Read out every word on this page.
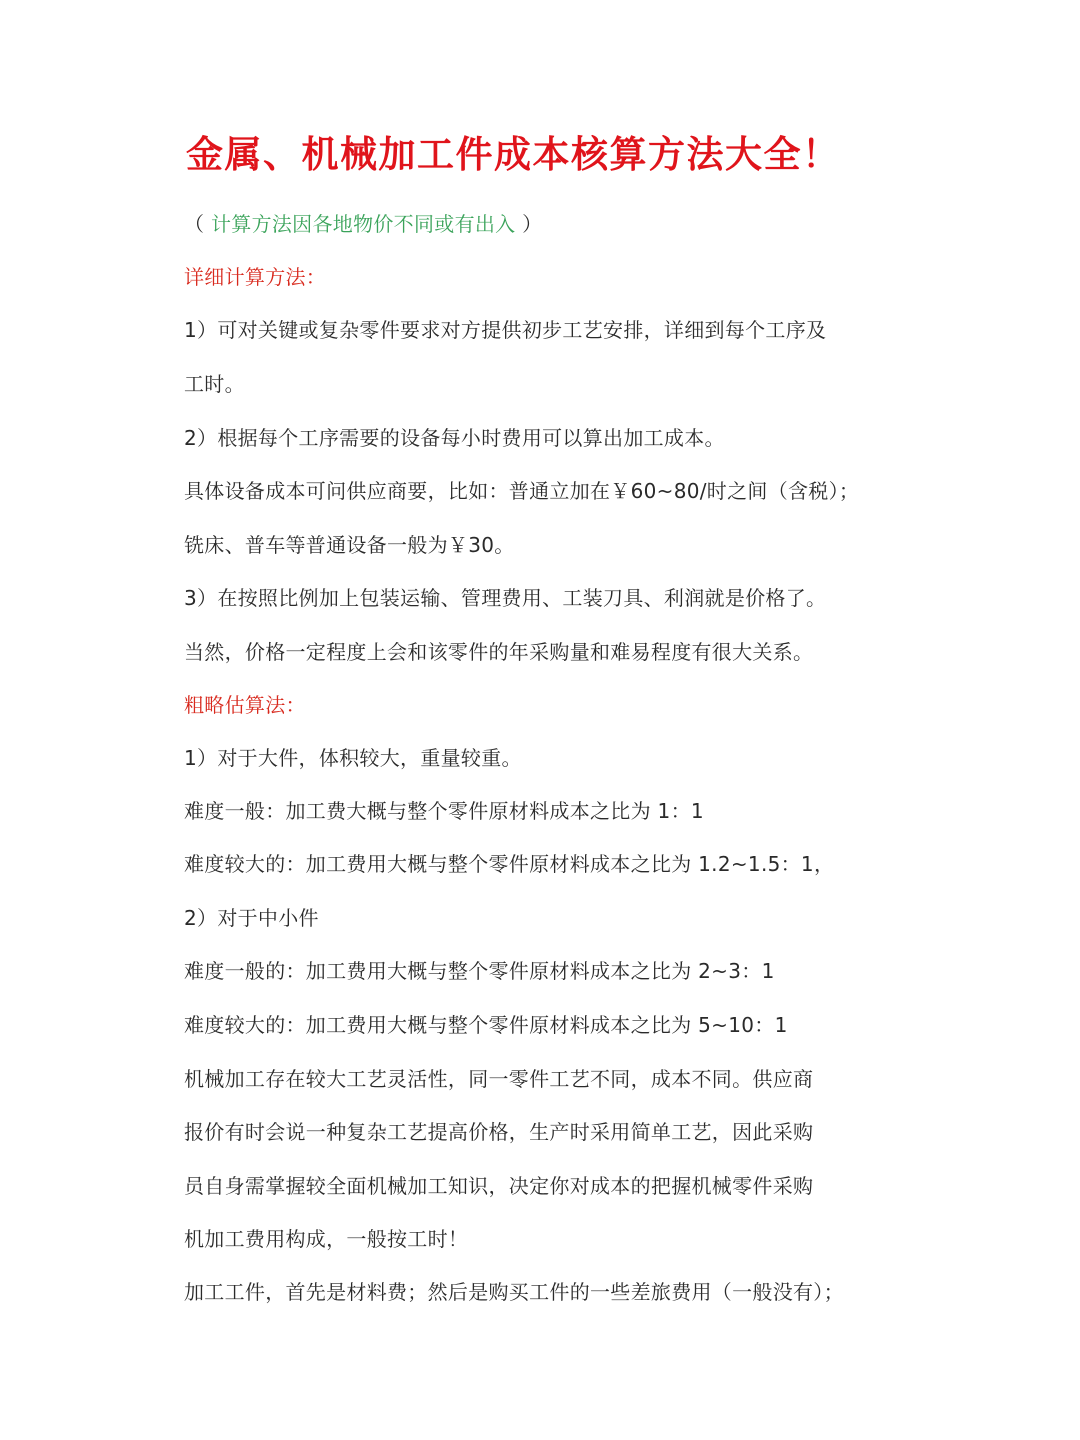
金属、机械加工件成本核算方法大全！
（ 计算方法因各地物价不同或有出入 ）
详细计算方法：
1）可对关键或复杂零件要求对方提供初步工艺安排，详细到每个工序及
工时。
2）根据每个工序需要的设备每小时费用可以算出加工成本。
具体设备成本可问供应商要，比如：普通立加在￥60~80/时之间（含税）；
铣床、普车等普通设备一般为￥30。
3）在按照比例加上包装运输、管理费用、工装刀具、利润就是价格了。
当然，价格一定程度上会和该零件的年采购量和难易程度有很大关系。
粗略估算法：
1）对于大件，体积较大，重量较重。
难度一般：加工费大概与整个零件原材料成本之比为 1：1
难度较大的：加工费用大概与整个零件原材料成本之比为 1.2~1.5：1，
2）对于中小件
难度一般的：加工费用大概与整个零件原材料成本之比为 2~3：1
难度较大的：加工费用大概与整个零件原材料成本之比为 5~10：1
机械加工存在较大工艺灵活性，同一零件工艺不同，成本不同。供应商
报价有时会说一种复杂工艺提高价格，生产时采用简单工艺，因此采购
员自身需掌握较全面机械加工知识，决定你对成本的把握机械零件采购
机加工费用构成，一般按工时！
加工工件，首先是材料费；然后是购买工件的一些差旅费用（一般没有）；
